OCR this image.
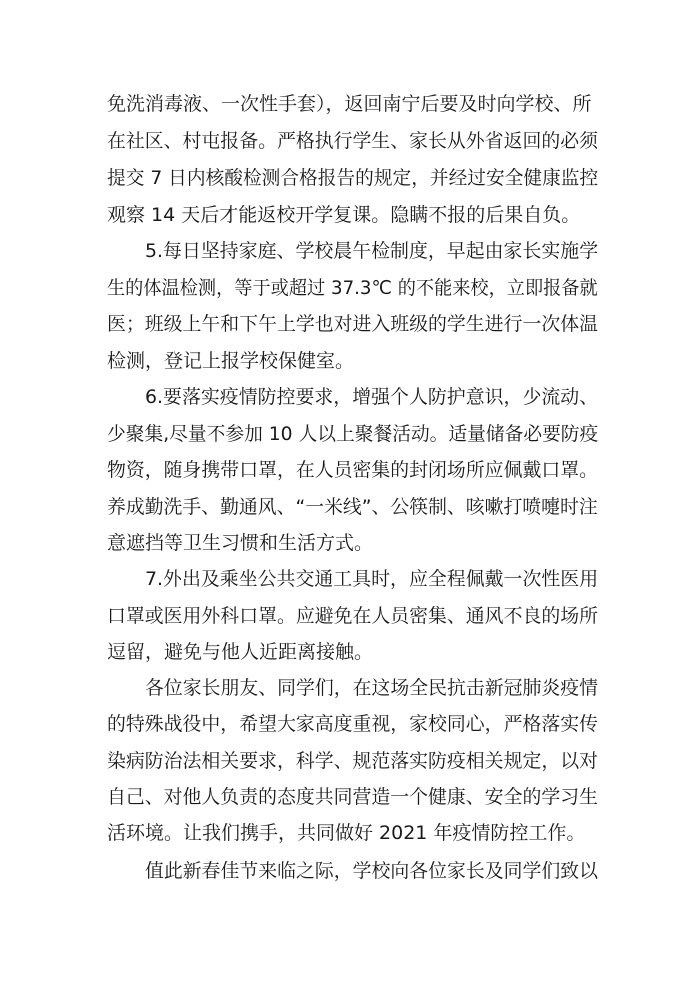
免洗消毒液、一次性手套），返回南宁后要及时向学校、所
在社区、村屯报备。严格执行学生、家长从外省返回的必须
提交 7 日内核酸检测合格报告的规定，并经过安全健康监控
观察 14 天后才能返校开学复课。隐瞒不报的后果自负。
5.每日坚持家庭、学校晨午检制度，早起由家长实施学
生的体温检测，等于或超过 37.3℃ 的不能来校，立即报备就
医；班级上午和下午上学也对进入班级的学生进行一次体温
检测，登记上报学校保健室。
6.要落实疫情防控要求，增强个人防护意识，少流动、
少聚集,尽量不参加 10 人以上聚餐活动。适量储备必要防疫
物资，随身携带口罩，在人员密集的封闭场所应佩戴口罩。
养成勤洗手、勤通风、“一米线”、公筷制、咳嗽打喷嚏时注
意遮挡等卫生习惯和生活方式。
7.外出及乘坐公共交通工具时，应全程佩戴一次性医用
口罩或医用外科口罩。应避免在人员密集、通风不良的场所
逗留，避免与他人近距离接触。
各位家长朋友、同学们，在这场全民抗击新冠肺炎疫情
的特殊战役中，希望大家高度重视，家校同心，严格落实传
染病防治法相关要求，科学、规范落实防疫相关规定，以对
自己、对他人负责的态度共同营造一个健康、安全的学习生
活环境。让我们携手，共同做好 2021 年疫情防控工作。
值此新春佳节来临之际，学校向各位家长及同学们致以
